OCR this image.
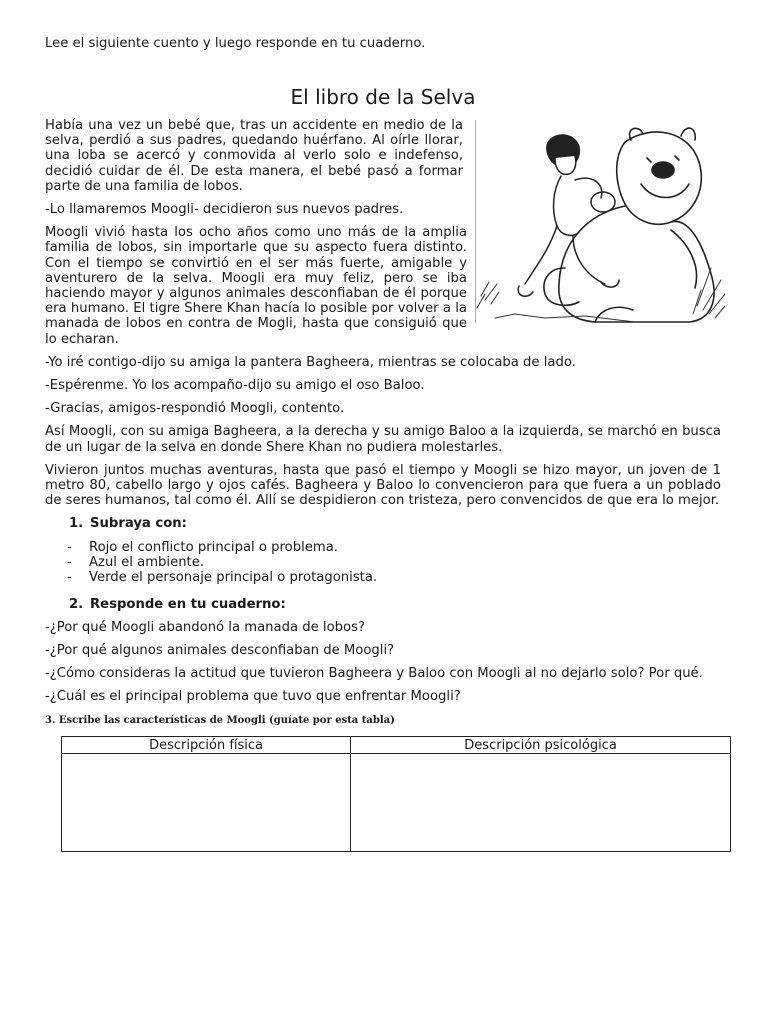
Lee el siguiente cuento y luego responde en tu cuaderno.

El libro de la Selva

Había una vez un bebé que, tras un accidente en medio de la selva, perdió a sus padres, quedando huérfano. Al oírle llorar, una loba se acercó y conmovida al verlo solo e indefenso, decidió cuidar de él. De esta manera, el bebé pasó a formar parte de una familia de lobos.

-Lo llamaremos Moogli- decidieron sus nuevos padres.

Moogli vivió hasta los ocho años como uno más de la amplia familia de lobos, sin importarle que su aspecto fuera distinto. Con el tiempo se convirtió en el ser más fuerte, amigable y aventurero de la selva. Moogli era muy feliz, pero se iba haciendo mayor y algunos animales desconfiaban de él porque era humano. El tigre Shere Khan hacía lo posible por volver a la manada de lobos en contra de Mogli, hasta que consiguió que lo echaran.

-Yo iré contigo-dijo su amiga la pantera Bagheera, mientras se colocaba de lado.

-Espérenme. Yo los acompaño-dijo su amigo el oso Baloo.

-Gracias, amigos-respondió Moogli, contento.

Así Moogli, con su amiga Bagheera, a la derecha y su amigo Baloo a la izquierda, se marchó en busca de un lugar de la selva en donde Shere Khan no pudiera molestarles.

Vivieron juntos muchas aventuras, hasta que pasó el tiempo y Moogli se hizo mayor, un joven de 1 metro 80, cabello largo y ojos cafés. Bagheera y Baloo lo convencieron para que fuera a un poblado de seres humanos, tal como él. Allí se despidieron con tristeza, pero convencidos de que era lo mejor.

1. Subraya con:

- Rojo el conflicto principal o problema.
- Azul el ambiente.
- Verde el personaje principal o protagonista.

2. Responde en tu cuaderno:

-¿Por qué Moogli abandonó la manada de lobos?

-¿Por qué algunos animales desconfiaban de Moogli?

-¿Cómo consideras la actitud que tuvieron Bagheera y Baloo con Moogli al no dejarlo solo? Por qué.

-¿Cuál es el principal problema que tuvo que enfrentar Moogli?

3. Escribe las características de Moogli (guíate por esta tabla)

Descripción física	Descripción psicológica
